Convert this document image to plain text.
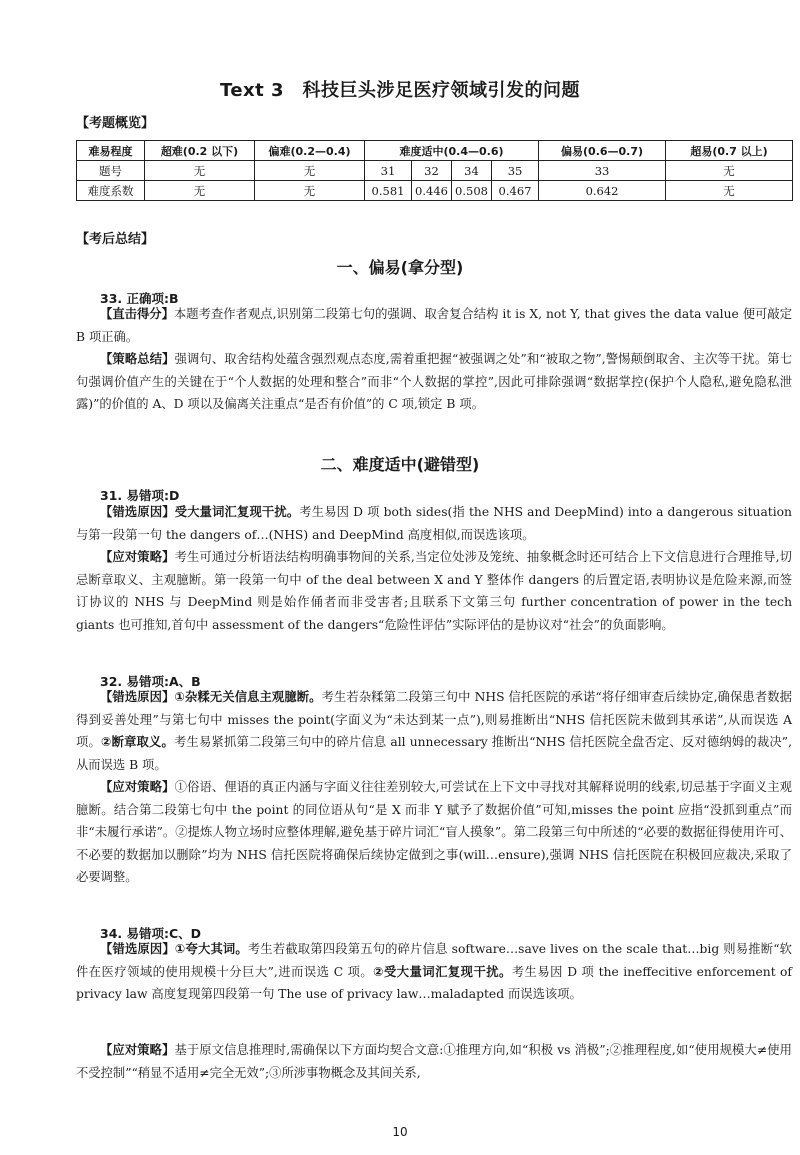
Text 3　科技巨头涉足医疗领域引发的问题
【考题概览】
难易程度	超难(0.2 以下)	偏难(0.2—0.4)	难度适中(0.4—0.6)				偏易(0.6—0.7)	超易(0.7 以上)
题号	无	无	31	32	34	35	33	无
难度系数	无	无	0.581	0.446	0.508	0.467	0.642	无
【考后总结】
一、偏易(拿分型)
33. 正确项:B
【直击得分】本题考查作者观点,识别第二段第七句的强调、取舍复合结构 it is X, not Y, that gives the data value 便可敲定 B 项正确。
【策略总结】强调句、取舍结构处蕴含强烈观点态度,需着重把握“被强调之处”和“被取之物”,警惕颠倒取舍、主次等干扰。第七句强调价值产生的关键在于“个人数据的处理和整合”而非“个人数据的掌控”,因此可排除强调“数据掌控(保护个人隐私,避免隐私泄露)”的价值的 A、D 项以及偏离关注重点“是否有价值”的 C 项,锁定 B 项。
二、难度适中(避错型)
31. 易错项:D
【错选原因】受大量词汇复现干扰。考生易因 D 项 both sides(指 the NHS and DeepMind) into a dangerous situation 与第一段第一句 the dangers of…(NHS) and DeepMind 高度相似,而误选该项。
【应对策略】考生可通过分析语法结构明确事物间的关系,当定位处涉及笼统、抽象概念时还可结合上下文信息进行合理推导,切忌断章取义、主观臆断。第一段第一句中 of the deal between X and Y 整体作 dangers 的后置定语,表明协议是危险来源,而签订协议的 NHS 与 DeepMind 则是始作俑者而非受害者;且联系下文第三句 further concentration of power in the tech giants 也可推知,首句中 assessment of the dangers“危险性评估”实际评估的是协议对“社会”的负面影响。
32. 易错项:A、B
【错选原因】①杂糅无关信息主观臆断。考生若杂糅第二段第三句中 NHS 信托医院的承诺“将仔细审查后续协定,确保患者数据得到妥善处理”与第七句中 misses the point(字面义为“未达到某一点”),则易推断出“NHS 信托医院未做到其承诺”,从而误选 A 项。②断章取义。考生易紧抓第二段第三句中的碎片信息 all unnecessary 推断出“NHS 信托医院全盘否定、反对德纳姆的裁决”,从而误选 B 项。
【应对策略】①俗语、俚语的真正内涵与字面义往往差别较大,可尝试在上下文中寻找对其解释说明的线索,切忌基于字面义主观臆断。结合第二段第七句中 the point 的同位语从句“是 X 而非 Y 赋予了数据价值”可知,misses the point 应指“没抓到重点”而非“未履行承诺”。②提炼人物立场时应整体理解,避免基于碎片词汇“盲人摸象”。第二段第三句中所述的“必要的数据征得使用许可、不必要的数据加以删除”均为 NHS 信托医院将确保后续协定做到之事(will…ensure),强调 NHS 信托医院在积极回应裁决,采取了必要调整。
34. 易错项:C、D
【错选原因】①夸大其词。考生若截取第四段第五句的碎片信息 software…save lives on the scale that…big 则易推断“软件在医疗领域的使用规模十分巨大”,进而误选 C 项。②受大量词汇复现干扰。考生易因 D 项 the ineffecitive enforcement of privacy law 高度复现第四段第一句 The use of privacy law…maladapted 而误选该项。
【应对策略】基于原文信息推理时,需确保以下方面均契合文意:①推理方向,如“积极 vs 消极”;②推理程度,如“使用规模大≠使用不受控制”“稍显不适用≠完全无效”;③所涉事物概念及其间关系,
10
